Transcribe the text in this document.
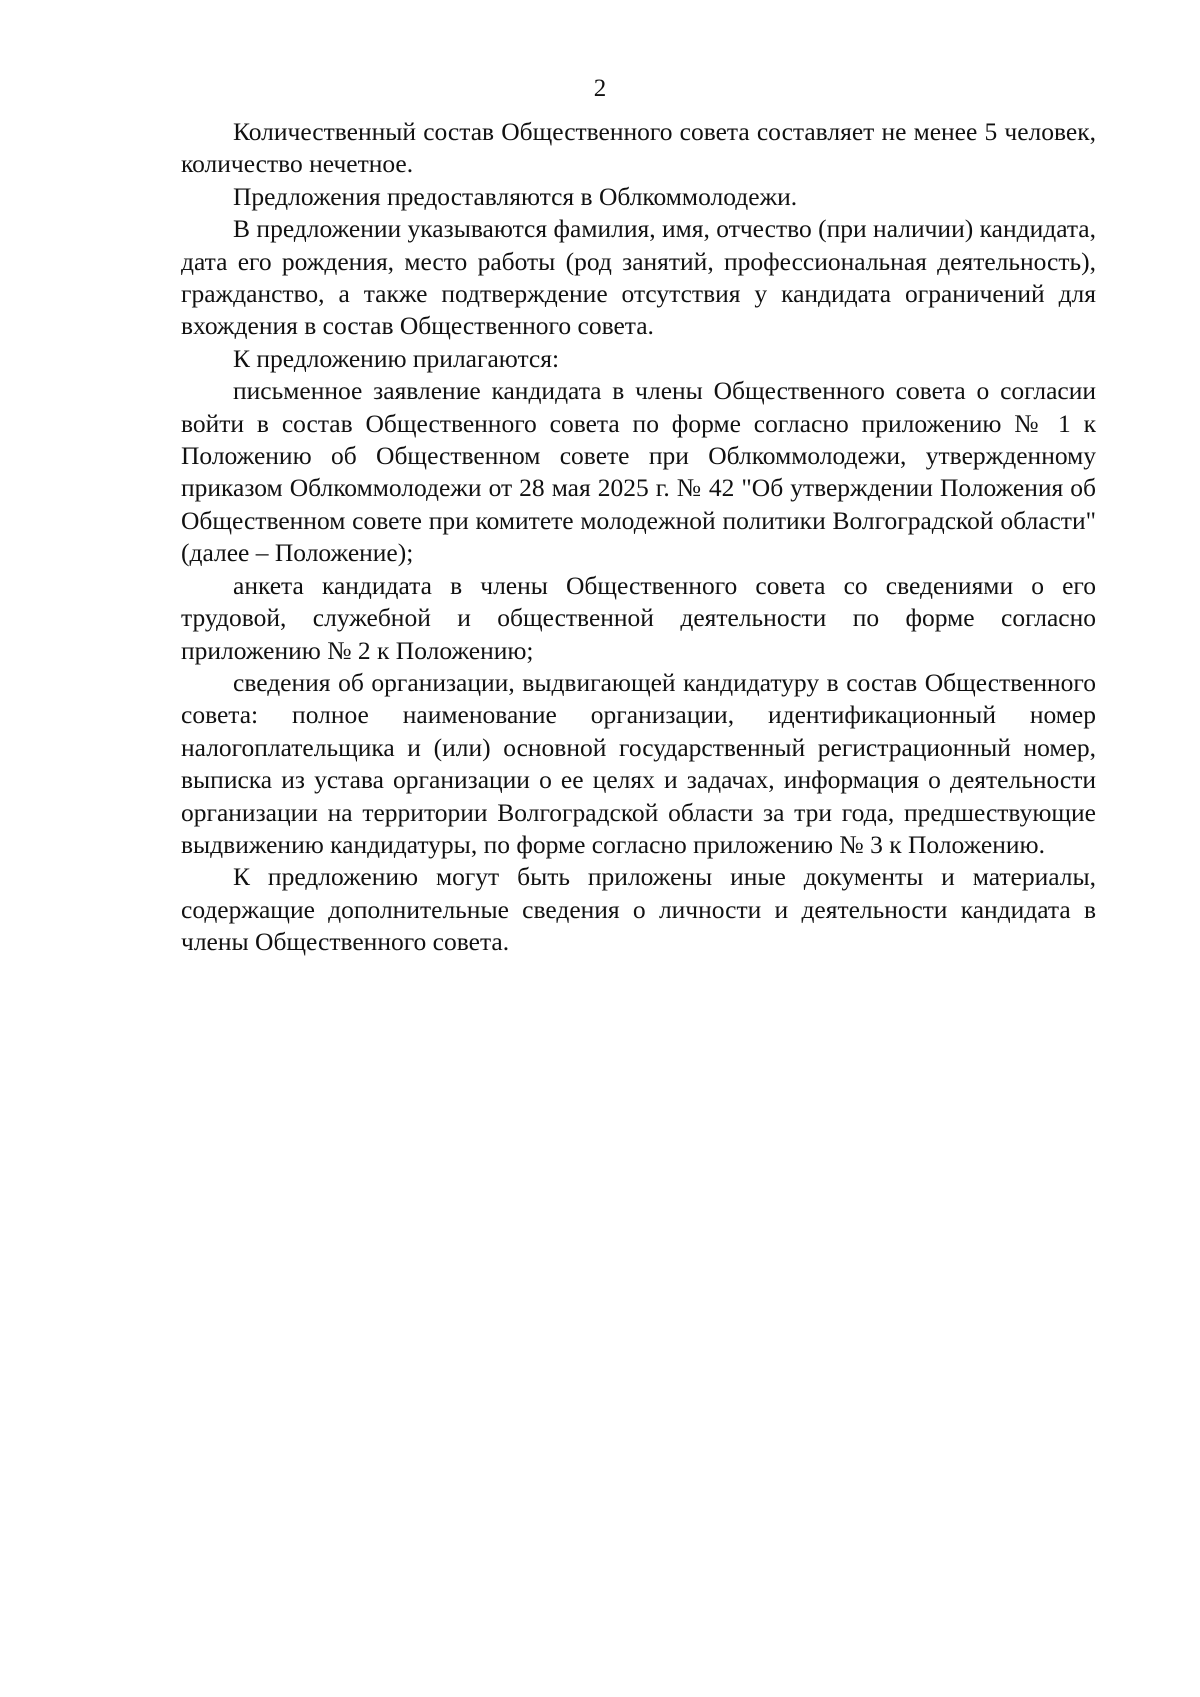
2

Количественный состав Общественного совета составляет не менее 5 человек, количество нечетное.

Предложения предоставляются в Облкоммолодежи.

В предложении указываются фамилия, имя, отчество (при наличии) кандидата, дата его рождения, место работы (род занятий, профессиональная деятельность), гражданство, а также подтверждение отсутствия у кандидата ограничений для вхождения в состав Общественного совета.

К предложению прилагаются:

письменное заявление кандидата в члены Общественного совета о согласии войти в состав Общественного совета по форме согласно приложению № 1 к Положению об Общественном совете при Облкоммолодежи, утвержденному приказом Облкоммолодежи от 28 мая 2025 г. № 42 "Об утверждении Положения об Общественном совете при комитете молодежной политики Волгоградской области" (далее – Положение);

анкета кандидата в члены Общественного совета со сведениями о его трудовой, служебной и общественной деятельности по форме согласно приложению № 2 к Положению;

сведения об организации, выдвигающей кандидатуру в состав Общественного совета: полное наименование организации, идентификационный номер налогоплательщика и (или) основной государственный регистрационный номер, выписка из устава организации о ее целях и задачах, информация о деятельности организации на территории Волгоградской области за три года, предшествующие выдвижению кандидатуры, по форме согласно приложению № 3 к Положению.

К предложению могут быть приложены иные документы и материалы, содержащие дополнительные сведения о личности и деятельности кандидата в члены Общественного совета.
